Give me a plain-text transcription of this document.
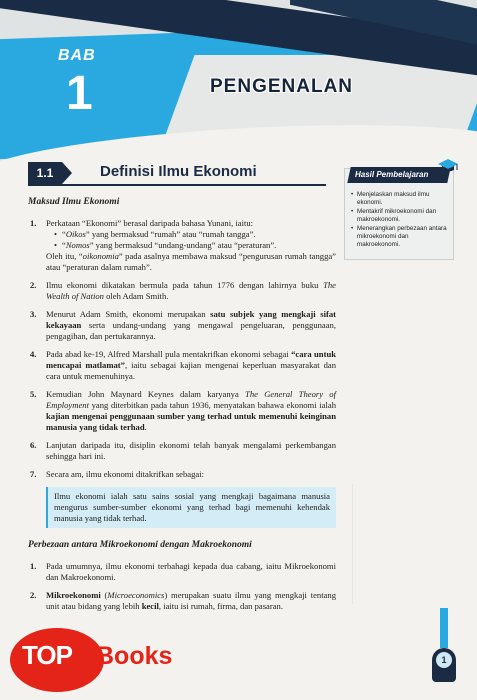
BAB
1	PENGENALAN
1.1	Definisi Ilmu Ekonomi	Hasil Pembelajaran
• Menjelaskan maksud ilmu ekonomi.
• Mentakrif mikroekonomi dan makroekonomi.
• Menerangkan perbezaan antara mikroekonomi dan makroekonomi.
Maksud Ilmu Ekonomi
1. Perkataan “Ekonomi” berasal daripada bahasa Yunani, iaitu:
• “Oikos” yang bermaksud “rumah” atau “rumah tangga”.
• “Nomos” yang bermaksud “undang-undang” atau “peraturan”.
Oleh itu, “oikonomia” pada asalnya membawa maksud “pengurusan rumah tangga” atau “peraturan dalam rumah”.
2. Ilmu ekonomi dikatakan bermula pada tahun 1776 dengan lahirnya buku The Wealth of Nation oleh Adam Smith.
3. Menurut Adam Smith, ekonomi merupakan satu subjek yang mengkaji sifat kekayaan serta undang-undang yang mengawal pengeluaran, penggunaan, pengagihan, dan pertukarannya.
4. Pada abad ke-19, Alfred Marshall pula mentakrifkan ekonomi sebagai “cara untuk mencapai matlamat”, iaitu sebagai kajian mengenai keperluan masyarakat dan cara untuk memenuhinya.
5. Kemudian John Maynard Keynes dalam karyanya The General Theory of Employment yang diterbitkan pada tahun 1936, menyatakan bahawa ekonomi ialah kajian mengenai penggunaan sumber yang terhad untuk memenuhi keinginan manusia yang tidak terhad.
6. Lanjutan daripada itu, disiplin ekonomi telah banyak mengalami perkembangan sehingga hari ini.
7. Secara am, ilmu ekonomi ditakrifkan sebagai:
Ilmu ekonomi ialah satu sains sosial yang mengkaji bagaimana manusia mengurus sumber-sumber ekonomi yang terhad bagi memenuhi kehendak manusia yang tidak terhad.
Perbezaan antara Mikroekonomi dengan Makroekonomi
1. Pada umumnya, ilmu ekonomi terbahagi kepada dua cabang, iaitu Mikroekonomi dan Makroekonomi.
2. Mikroekonomi (Microeconomics) merupakan suatu ilmu yang mengkaji tentang unit atau bidang yang lebih kecil, iaitu isi rumah, firma, dan pasaran.
1
TOP Books
